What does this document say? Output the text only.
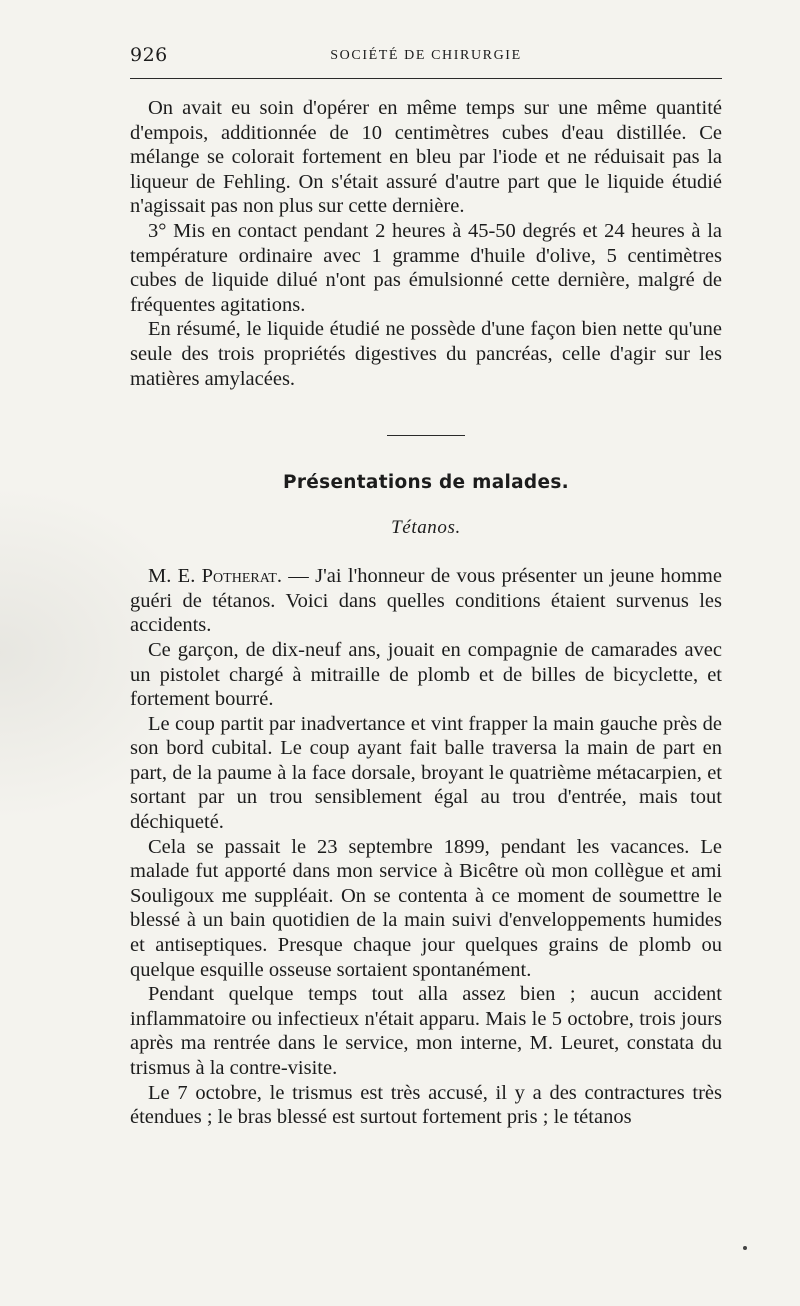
926	SOCIÉTÉ DE CHIRURGIE

On avait eu soin d'opérer en même temps sur une même quantité d'empois, additionnée de 10 centimètres cubes d'eau distillée. Ce mélange se colorait fortement en bleu par l'iode et ne réduisait pas la liqueur de Fehling. On s'était assuré d'autre part que le liquide étudié n'agissait pas non plus sur cette dernière.

3° Mis en contact pendant 2 heures à 45-50 degrés et 24 heures à la température ordinaire avec 1 gramme d'huile d'olive, 5 centimètres cubes de liquide dilué n'ont pas émulsionné cette dernière, malgré de fréquentes agitations.

En résumé, le liquide étudié ne possède d'une façon bien nette qu'une seule des trois propriétés digestives du pancréas, celle d'agir sur les matières amylacées.

Présentations de malades.
Tétanos.

M. E. Potherat. — J'ai l'honneur de vous présenter un jeune homme guéri de tétanos. Voici dans quelles conditions étaient survenus les accidents.

Ce garçon, de dix-neuf ans, jouait en compagnie de camarades avec un pistolet chargé à mitraille de plomb et de billes de bicyclette, et fortement bourré.

Le coup partit par inadvertance et vint frapper la main gauche près de son bord cubital. Le coup ayant fait balle traversa la main de part en part, de la paume à la face dorsale, broyant le quatrième métacarpien, et sortant par un trou sensiblement égal au trou d'entrée, mais tout déchiqueté.

Cela se passait le 23 septembre 1899, pendant les vacances. Le malade fut apporté dans mon service à Bicêtre où mon collègue et ami Souligoux me suppléait. On se contenta à ce moment de soumettre le blessé à un bain quotidien de la main suivi d'enveloppements humides et antiseptiques. Presque chaque jour quelques grains de plomb ou quelque esquille osseuse sortaient spontanément.

Pendant quelque temps tout alla assez bien ; aucun accident inflammatoire ou infectieux n'était apparu. Mais le 5 octobre, trois jours après ma rentrée dans le service, mon interne, M. Leuret, constata du trismus à la contre-visite.

Le 7 octobre, le trismus est très accusé, il y a des contractures très étendues ; le bras blessé est surtout fortement pris ; le tétanos
